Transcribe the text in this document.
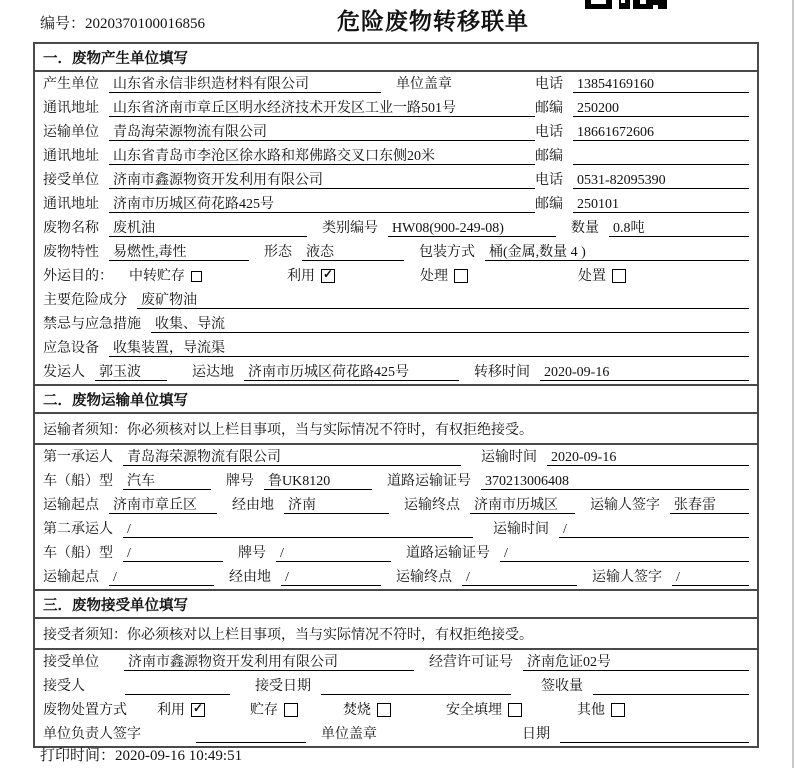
编号：2020370100016856	危险废物转移联单
一．废物产生单位填写
产生单位 山东省永信非织造材料有限公司	单位盖章	电话 13854169160
通讯地址 山东省济南市章丘区明水经济技术开发区工业一路501号	邮编 250200
运输单位 青岛海荣源物流有限公司	电话 18661672606
通讯地址 山东省青岛市李沧区徐水路和郑佛路交叉口东侧20米	邮编
接受单位 济南市鑫源物资开发利用有限公司	电话 0531-82095390
通讯地址 济南市历城区荷花路425号	邮编 250101
废物名称 废机油	类别编号 HW08(900-249-08)	数量 0.8吨
废物特性 易燃性,毒性	形态 液态	包装方式 桶(金属,数量 4 )
外运目的： 中转贮存	利用 ✓	处理	处置
主要危险成分 废矿物油
禁忌与应急措施 收集、导流
应急设备 收集装置，导流渠
发运人 郭玉波	运达地 济南市历城区荷花路425号	转移时间 2020-09-16
二．废物运输单位填写
运输者须知：你必须核对以上栏目事项，当与实际情况不符时，有权拒绝接受。
第一承运人 青岛海荣源物流有限公司	运输时间 2020-09-16
车（船）型 汽车	牌号 鲁UK8120	道路运输证号 370213006408
运输起点 济南市章丘区	经由地 济南	运输终点 济南市历城区	运输人签字 张春雷
第二承运人 /	运输时间 /
车（船）型 /	牌号 /	道路运输证号 /
运输起点 /	经由地 /	运输终点 /	运输人签字 /
三．废物接受单位填写
接受者须知：你必须核对以上栏目事项，当与实际情况不符时，有权拒绝接受。
接受单位 济南市鑫源物资开发利用有限公司	经营许可证号 济南危证02号
接受人	接受日期	签收量
废物处置方式 利用 ✓	贮存	焚烧	安全填埋	其他
单位负责人签字	单位盖章	日期
打印时间：2020-09-16 10:49:51
